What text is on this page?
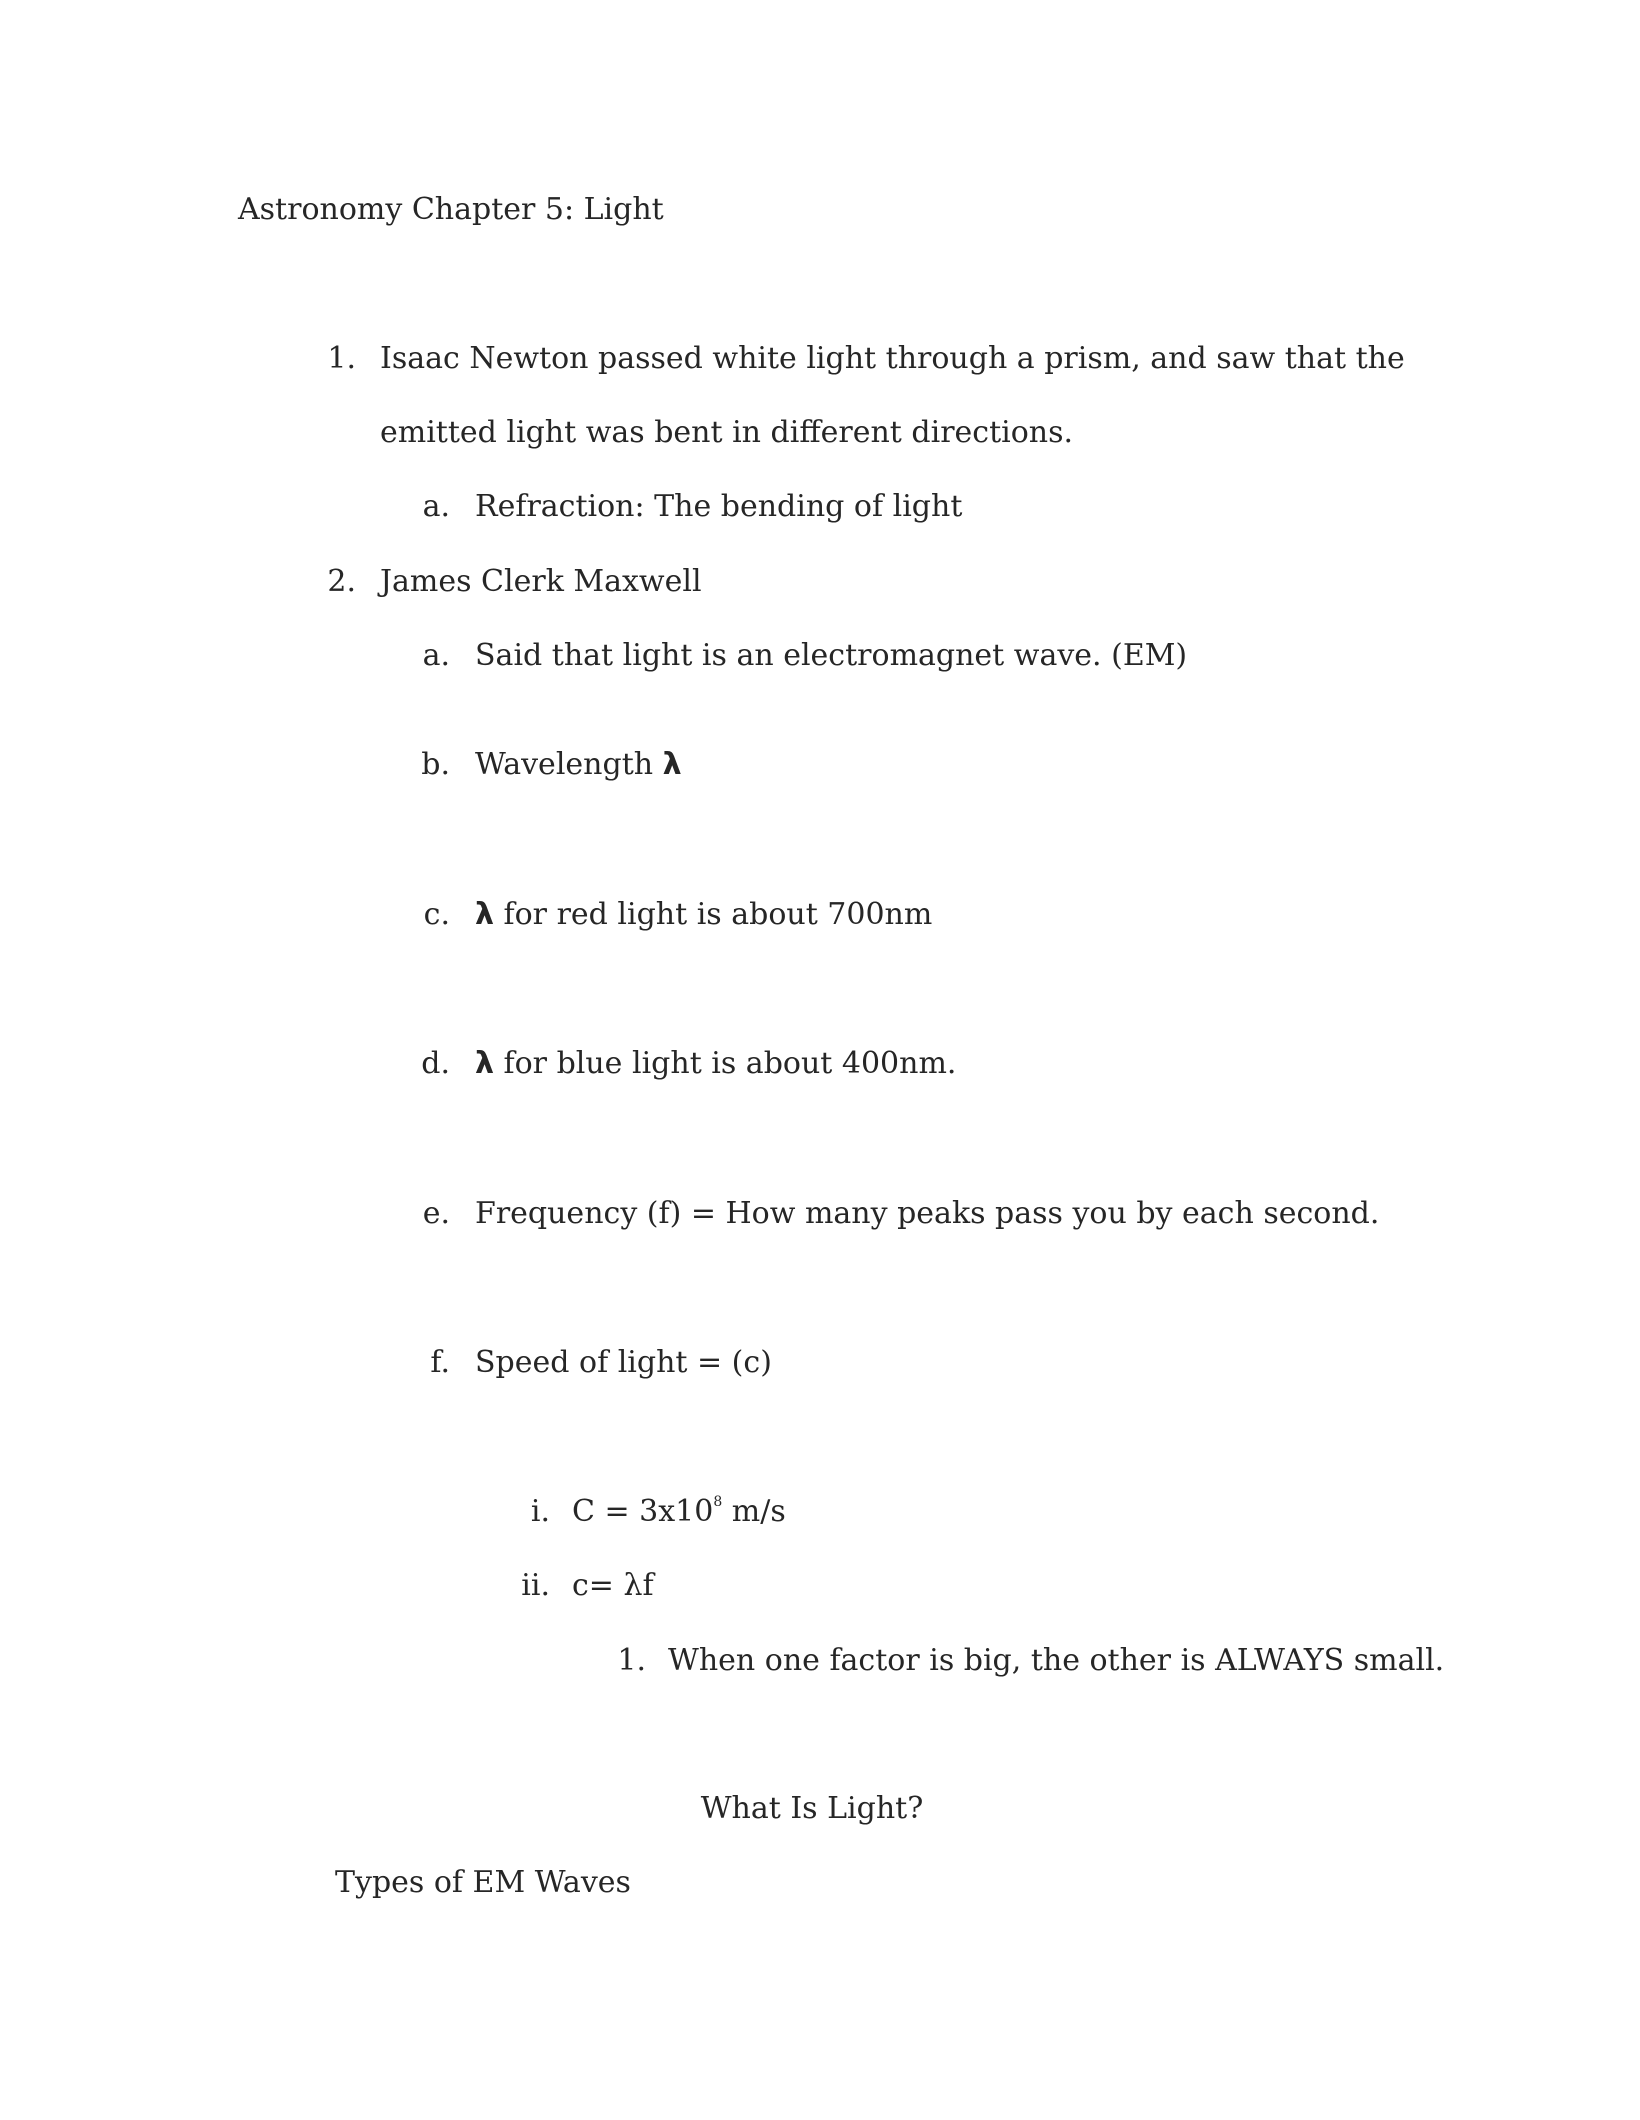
Astronomy Chapter 5: Light
1. Isaac Newton passed white light through a prism, and saw that the
emitted light was bent in different directions.
a. Refraction: The bending of light
2. James Clerk Maxwell
a. Said that light is an electromagnet wave. (EM)
b. Wavelength λ
c. λ for red light is about 700nm
d. λ for blue light is about 400nm.
e. Frequency (f) = How many peaks pass you by each second.
f. Speed of light = (c)
i. $C = 3x10^8$ m/s
ii. c= λf
1. When one factor is big, the other is ALWAYS small.
What Is Light?
Types of EM Waves
